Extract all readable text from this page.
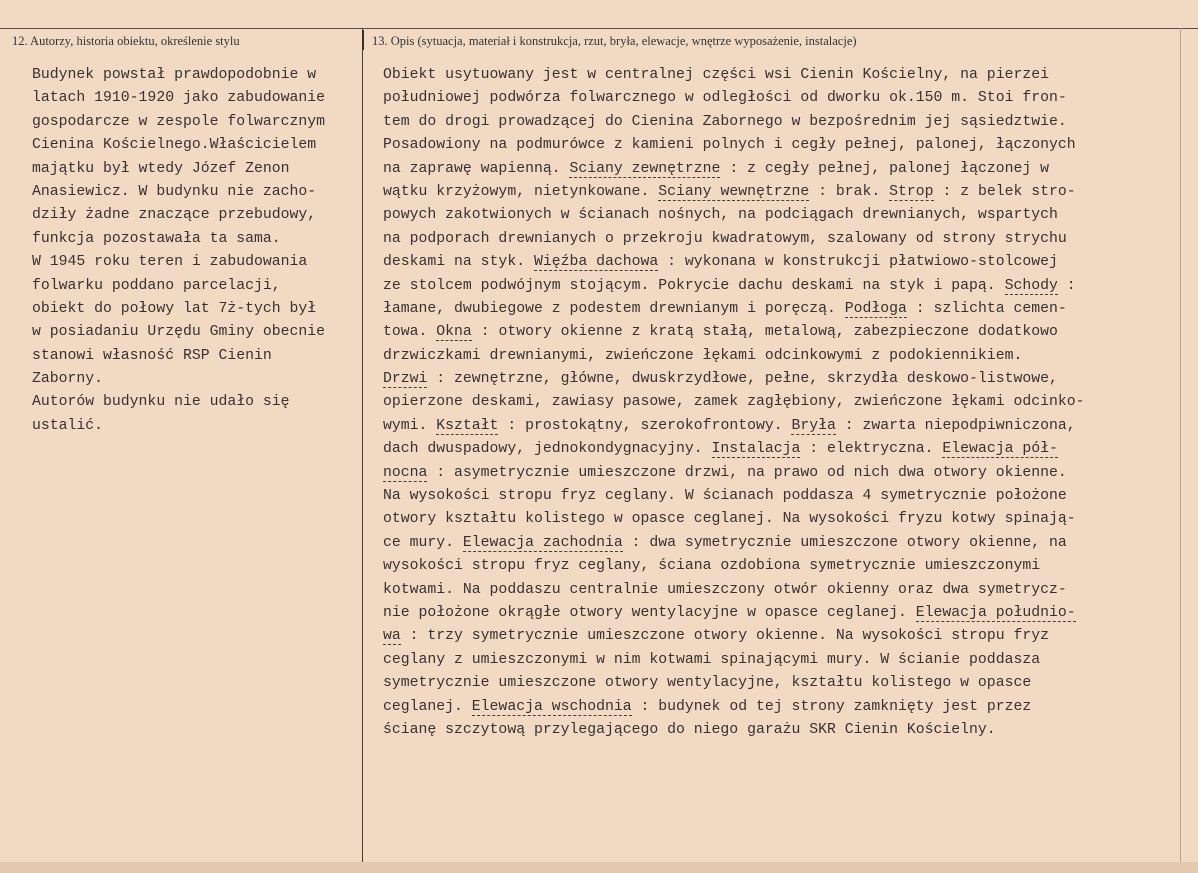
12. Autorzy, historia obiektu, określenie stylu	13. Opis (sytuacja, materiał i konstrukcja, rzut, bryła, elewacje, wnętrze wyposażenie, instalacje)
Budynek powstał prawdopodobnie w
latach 1910-1920 jako zabudowanie
gospodarcze w zespole folwarcznym
Cienina Kościelnego.Właścicielem
majątku był wtedy Józef Zenon
Anasiewicz. W budynku nie zacho-
dziły żadne znaczące przebudowy,
funkcja pozostawała ta sama.
W 1945 roku teren i zabudowania
folwarku poddano parcelacji,
obiekt do połowy lat 7ż-tych był
w posiadaniu Urzędu Gminy obecnie
stanowi własność RSP Cienin
Zaborny.
Autorów budynku nie udało się
ustalić.
Obiekt usytuowany jest w centralnej części wsi Cienin Kościelny, na pierzei
południowej podwórza folwarcznego w odległości od dworku ok.150 m. Stoi fron-
tem do drogi prowadzącej do Cienina Zabornego w bezpośrednim jej sąsiedztwie.
Posadowiony na podmurówce z kamieni polnych i cegły pełnej, palonej, łączonych
na zaprawę wapienną. Sciany zewnętrzne : z cegły pełnej, palonej łączonej w
wątku krzyżowym, nietynkowane. Sciany wewnętrzne : brak. Strop : z belek stro-
powych zakotwionych w ścianach nośnych, na podciągach drewnianych, wspartych
na podporach drewnianych o przekroju kwadratowym, szalowany od strony strychu
deskami na styk. Więźba dachowa : wykonana w konstrukcji płatwiowo-stolcowej
ze stolcem podwójnym stojącym. Pokrycie dachu deskami na styk i papą. Schody :
łamane, dwubiegowe z podestem drewnianym i poręczą. Podłoga : szlichta cemen-
towa. Okna : otwory okienne z kratą stałą, metalową, zabezpieczone dodatkowo
drzwiczkami drewnianymi, zwieńczone łękami odcinkowymi z podokiennikiem.
Drzwi : zewnętrzne, główne, dwuskrzydłowe, pełne, skrzydła deskowo-listwowe,
opierzone deskami, zawiasy pasowe, zamek zagłębiony, zwieńczone łękami odcinko-
wymi. Kształt : prostokątny, szerokofrontowy. Bryła : zwarta niepodpiwniczona,
dach dwuspadowy, jednokondygnacyjny. Instalacja : elektryczna. Elewacja pół-
nocna : asymetrycznie umieszczone drzwi, na prawo od nich dwa otwory okienne.
Na wysokości stropu fryz ceglany. W ścianach poddasza 4 symetrycznie położone
otwory kształtu kolistego w opasce ceglanej. Na wysokości fryzu kotwy spinają-
ce mury. Elewacja zachodnia : dwa symetrycznie umieszczone otwory okienne, na
wysokości stropu fryz ceglany, ściana ozdobiona symetrycznie umieszczonymi
kotwami. Na poddaszu centralnie umieszczony otwór okienny oraz dwa symetrycz-
nie położone okrągłe otwory wentylacyjne w opasce ceglanej. Elewacja południo-
wa : trzy symetrycznie umieszczone otwory okienne. Na wysokości stropu fryz
ceglany z umieszczonymi w nim kotwami spinającymi mury. W ścianie poddasza
symetrycznie umieszczone otwory wentylacyjne, kształtu kolistego w opasce
ceglanej. Elewacja wschodnia : budynek od tej strony zamknięty jest przez
ścianę szczytową przylegającego do niego garażu SKR Cienin Kościelny.
